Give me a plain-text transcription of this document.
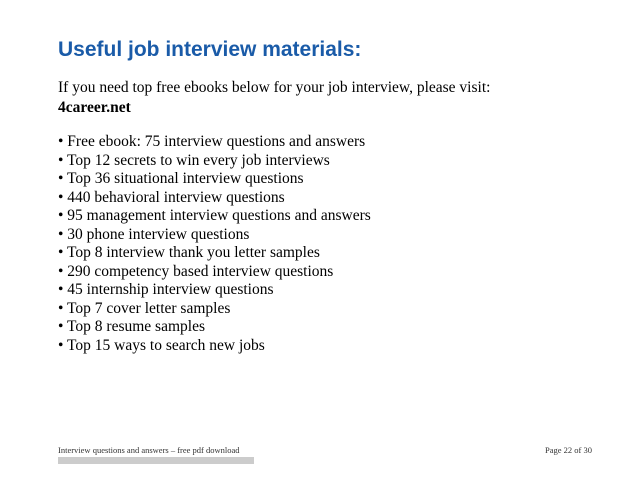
Useful job interview materials:
If you need top free ebooks below for your job interview, please visit:
4career.net
• Free ebook: 75 interview questions and answers
• Top 12 secrets to win every job interviews
• Top 36 situational interview questions
• 440 behavioral interview questions
• 95 management interview questions and answers
• 30 phone interview questions
• Top 8 interview thank you letter samples
• 290 competency based interview questions
• 45 internship interview questions
• Top 7 cover letter samples
• Top 8 resume samples
• Top 15 ways to search new jobs
Interview questions and answers – free pdf download	Page 22 of 30
